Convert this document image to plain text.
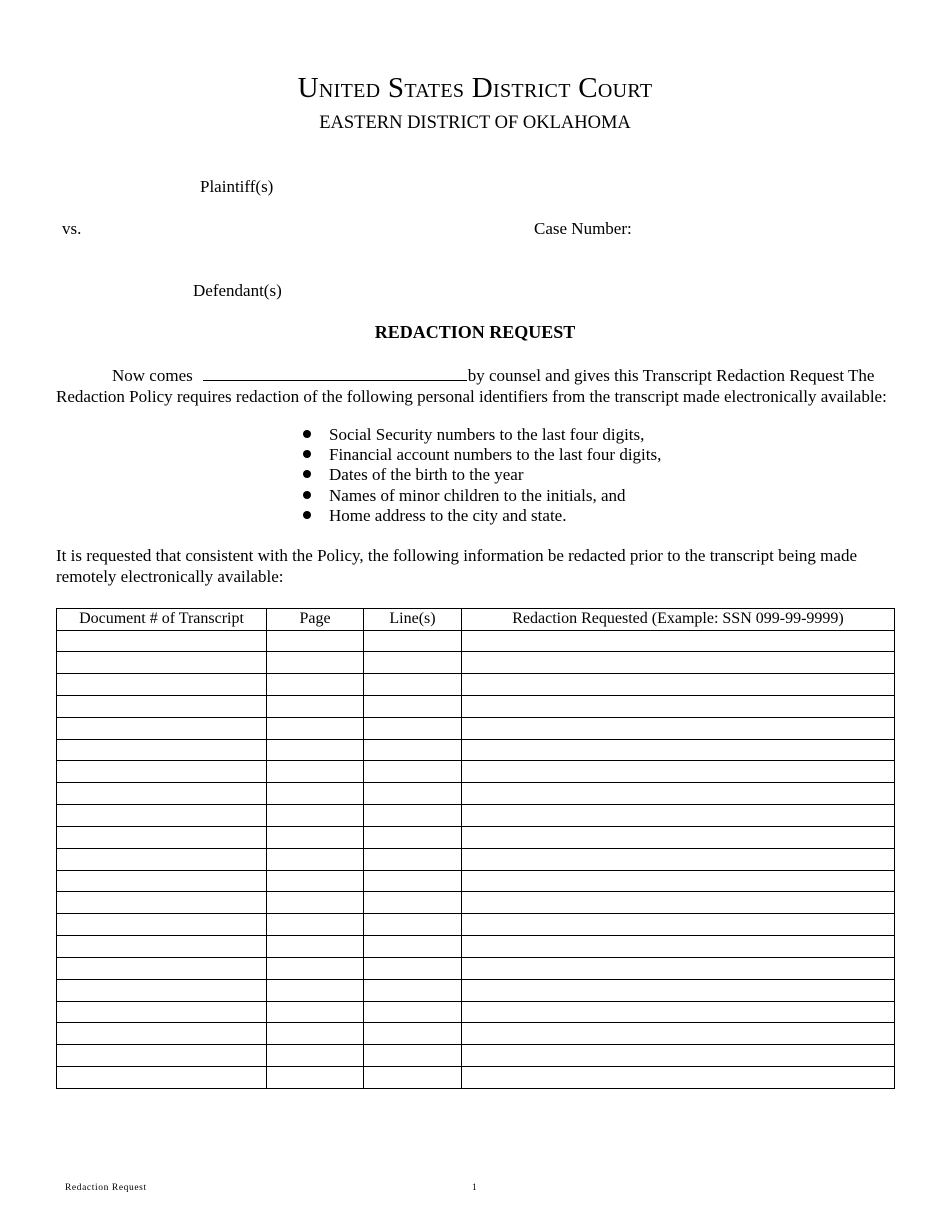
United States District Court
EASTERN DISTRICT OF OKLAHOMA
Plaintiff(s)
vs.	Case Number:
Defendant(s)
REDACTION REQUEST
Now comes	by counsel and gives this Transcript Redaction Request The Redaction Policy requires redaction of the following personal identifiers from the transcript made electronically available:
Social Security numbers to the last four digits,
Financial account numbers to the last four digits,
Dates of the birth to the year
Names of minor children to the initials, and
Home address to the city and state.
It is requested that consistent with the Policy, the following information be redacted prior to the transcript being made remotely electronically available:
Document # of Transcript	Page	Line(s)	Redaction Requested (Example: SSN 099-99-9999)

Redaction Request	1
